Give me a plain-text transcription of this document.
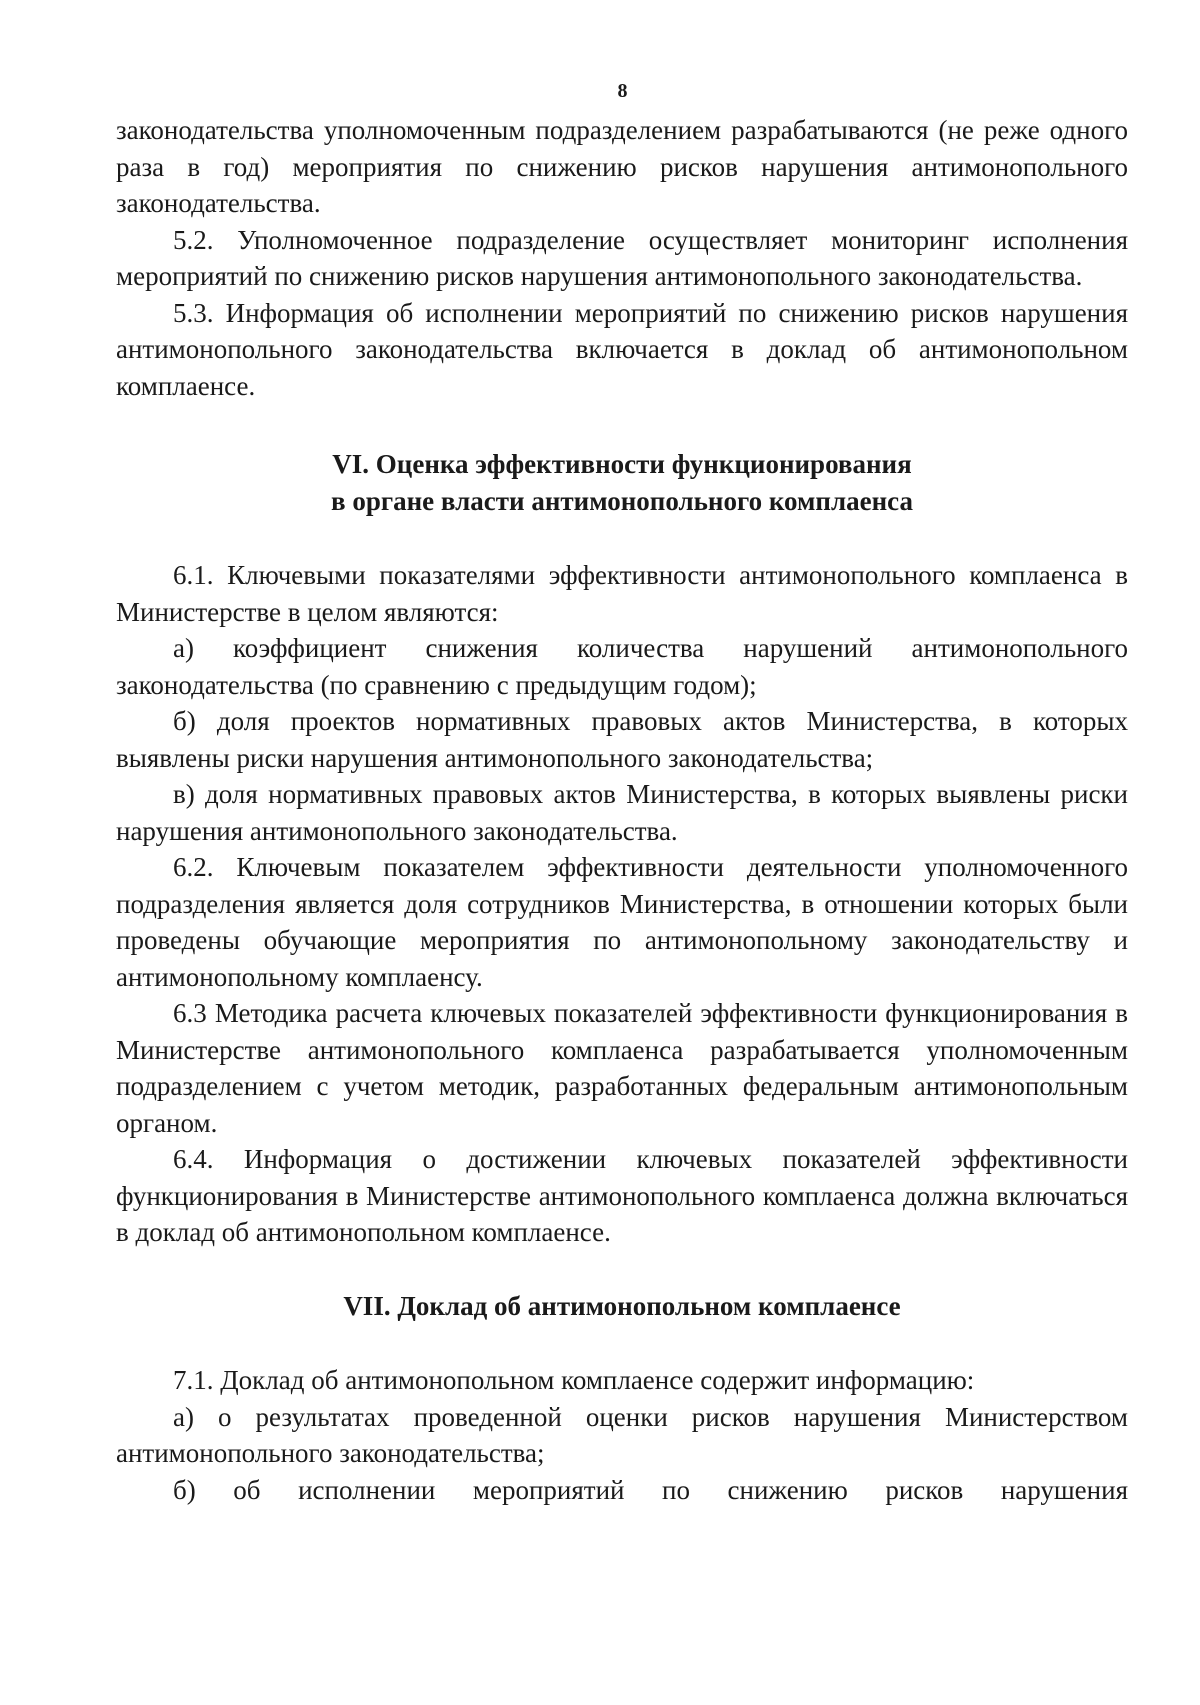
8

законодательства уполномоченным подразделением разрабатываются (не реже одного раза в год) мероприятия по снижению рисков нарушения антимонопольного законодательства.

5.2. Уполномоченное подразделение осуществляет мониторинг исполнения мероприятий по снижению рисков нарушения антимонопольного законодательства.

5.3. Информация об исполнении мероприятий по снижению рисков нарушения антимонопольного законодательства включается в доклад об антимонопольном комплаенсе.

VI. Оценка эффективности функционирования
в органе власти антимонопольного комплаенса

6.1. Ключевыми показателями эффективности антимонопольного комплаенса в Министерстве в целом являются:

а) коэффициент снижения количества нарушений антимонопольного законодательства (по сравнению с предыдущим годом);

б) доля проектов нормативных правовых актов Министерства, в которых выявлены риски нарушения антимонопольного законодательства;

в) доля нормативных правовых актов Министерства, в которых выявлены риски нарушения антимонопольного законодательства.

6.2. Ключевым показателем эффективности деятельности уполномоченного подразделения является доля сотрудников Министерства, в отношении которых были проведены обучающие мероприятия по антимонопольному законодательству и антимонопольному комплаенсу.

6.3 Методика расчета ключевых показателей эффективности функционирования в Министерстве антимонопольного комплаенса разрабатывается уполномоченным подразделением с учетом методик, разработанных федеральным антимонопольным органом.

6.4. Информация о достижении ключевых показателей эффективности функционирования в Министерстве антимонопольного комплаенса должна включаться в доклад об антимонопольном комплаенсе.

VII. Доклад об антимонопольном комплаенсе

7.1. Доклад об антимонопольном комплаенсе содержит информацию:

а) о результатах проведенной оценки рисков нарушения Министерством антимонопольного законодательства;

б) об исполнении мероприятий по снижению рисков нарушения
